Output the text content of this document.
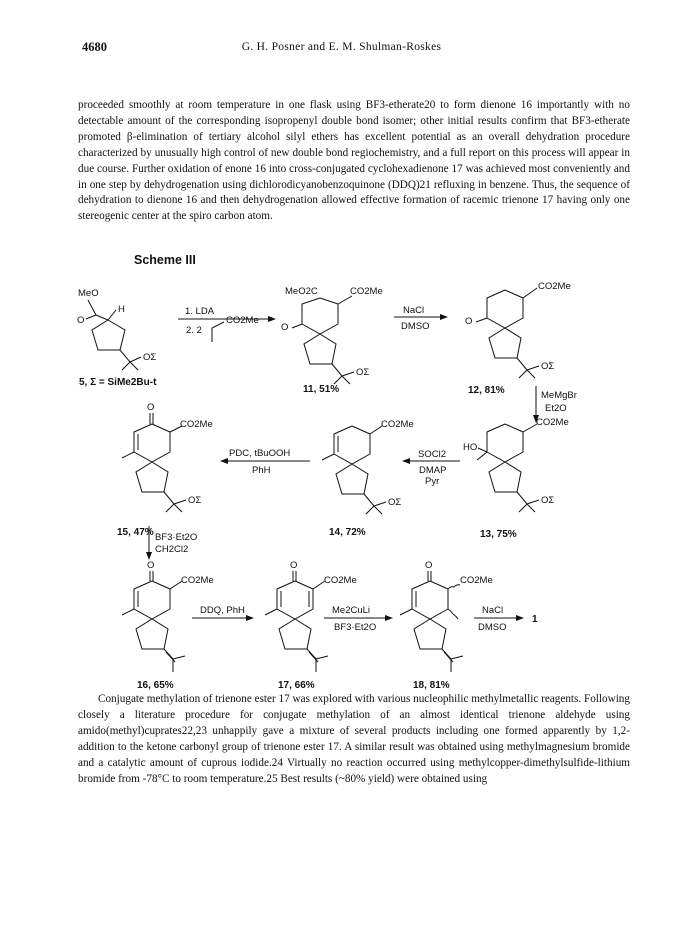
4680	G. H. Posner and E. M. Shulman-Roskes

proceeded smoothly at room temperature in one flask using BF3-etherate20 to form dienone 16 importantly with no detectable amount of the corresponding isopropenyl double bond isomer; other initial results confirm that BF3-etherate promoted β-elimination of tertiary alcohol silyl ethers has excellent potential as an overall dehydration procedure characterized by unusually high control of new double bond regiochemistry, and a full report on this process will appear in due course. Further oxidation of enone 16 into cross-conjugated cyclohexadienone 17 was achieved most conveniently and in one step by dehydrogenation using dichlorodicyanobenzoquinone (DDQ)21 refluxing in benzene. Thus, the sequence of dehydration to dienone 16 and then dehydrogenation allowed effective formation of racemic trienone 17 having only one stereogenic center at the spiro carbon atom.

Scheme III
MeO
O
H
OΣ
5, Σ = SiMe2Bu-t
1. LDA
2. 2
CO2Me
MeO2C	CO2Me
O
OΣ
11, 51%
NaCl
DMSO
CO2Me
O
OΣ
12, 81%	MeMgBr
Et2O
CO2Me
HO
OΣ
13, 75%
SOCl2
DMAP
Pyr
CO2Me
OΣ
14, 72%
PDC, tBuOOH
PhH
O
CO2Me
OΣ
15, 47% BF3·Et2O
CH2Cl2
O
CO2Me
16, 65%
DDQ, PhH
O
CO2Me
17, 66%
Me2CuLi
BF3·Et2O
O
CO2Me
18, 81%
NaCl
DMSO
1

Conjugate methylation of trienone ester 17 was explored with various nucleophilic methylmetallic reagents. Following closely a literature procedure for conjugate methylation of an almost identical trienone aldehyde using amido(methyl)cuprates22,23 unhappily gave a mixture of several products including one formed apparently by 1,2-addition to the ketone carbonyl group of trienone ester 17. A similar result was obtained using methylmagnesium bromide and a catalytic amount of cuprous iodide.24 Virtually no reaction occurred using methylcopper-dimethylsulfide-lithium bromide from -78°C to room temperature.25 Best results (~80% yield) were obtained using
